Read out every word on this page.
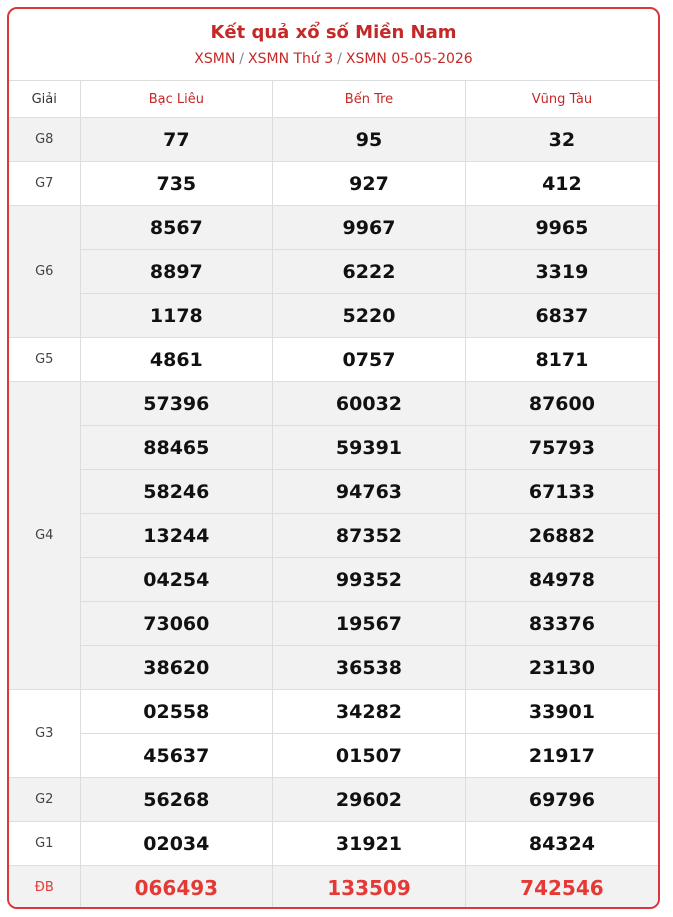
Kết quả xổ số Miền Nam
XSMN / XSMN Thứ 3 / XSMN 05-05-2026
Giải	Bạc Liêu	Bến Tre	Vũng Tàu
G8	77	95	32
G7	735	927	412
G6	8567	9967	9965
	8897	6222	3319
	1178	5220	6837
G5	4861	0757	8171
G4	57396	60032	87600
	88465	59391	75793
	58246	94763	67133
	13244	87352	26882
	04254	99352	84978
	73060	19567	83376
	38620	36538	23130
G3	02558	34282	33901
	45637	01507	21917
G2	56268	29602	69796
G1	02034	31921	84324
ĐB	066493	133509	742546
